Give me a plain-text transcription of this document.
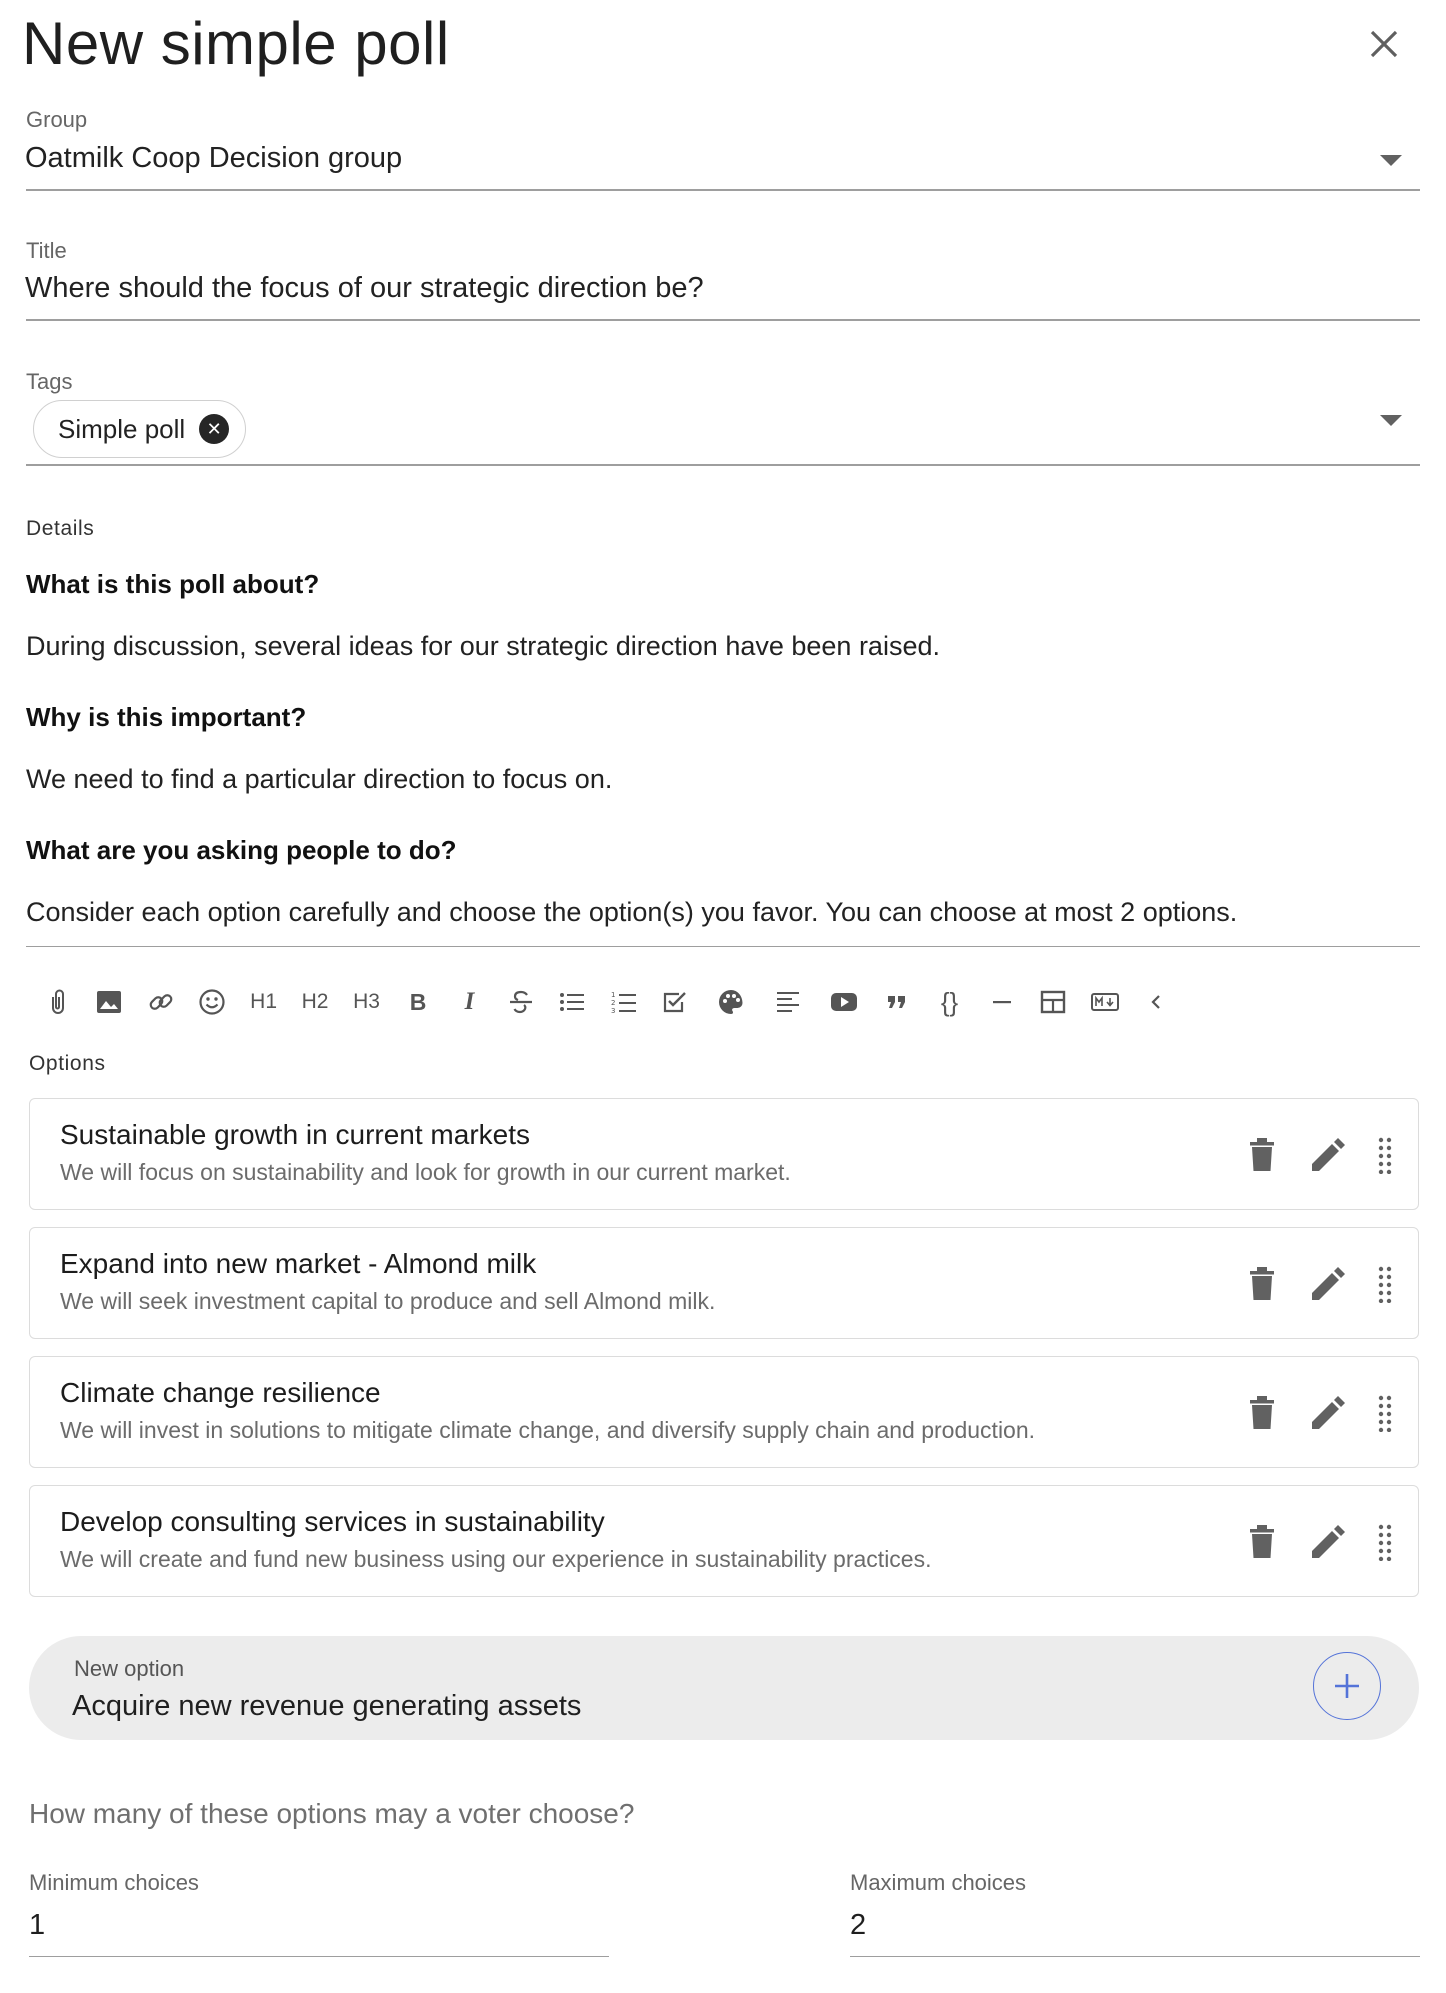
New simple poll
Group
Oatmilk Coop Decision group
Title
Where should the focus of our strategic direction be?
Tags
Simple poll	✕
Details
What is this poll about?
During discussion, several ideas for our strategic direction have been raised.
Why is this important?
We need to find a particular direction to focus on.
What are you asking people to do?
Consider each option carefully and choose the option(s) you favor. You can choose at most 2 options.
H1	H2	H3	B	I	1
2
3	{}
Options
Sustainable growth in current markets
We will focus on sustainability and look for growth in our current market.
Expand into new market - Almond milk
We will seek investment capital to produce and sell Almond milk.
Climate change resilience
We will invest in solutions to mitigate climate change, and diversify supply chain and production.
Develop consulting services in sustainability
We will create and fund new business using our experience in sustainability practices.
New option
Acquire new revenue generating assets
How many of these options may a voter choose?
Minimum choices
1	Maximum choices
2
